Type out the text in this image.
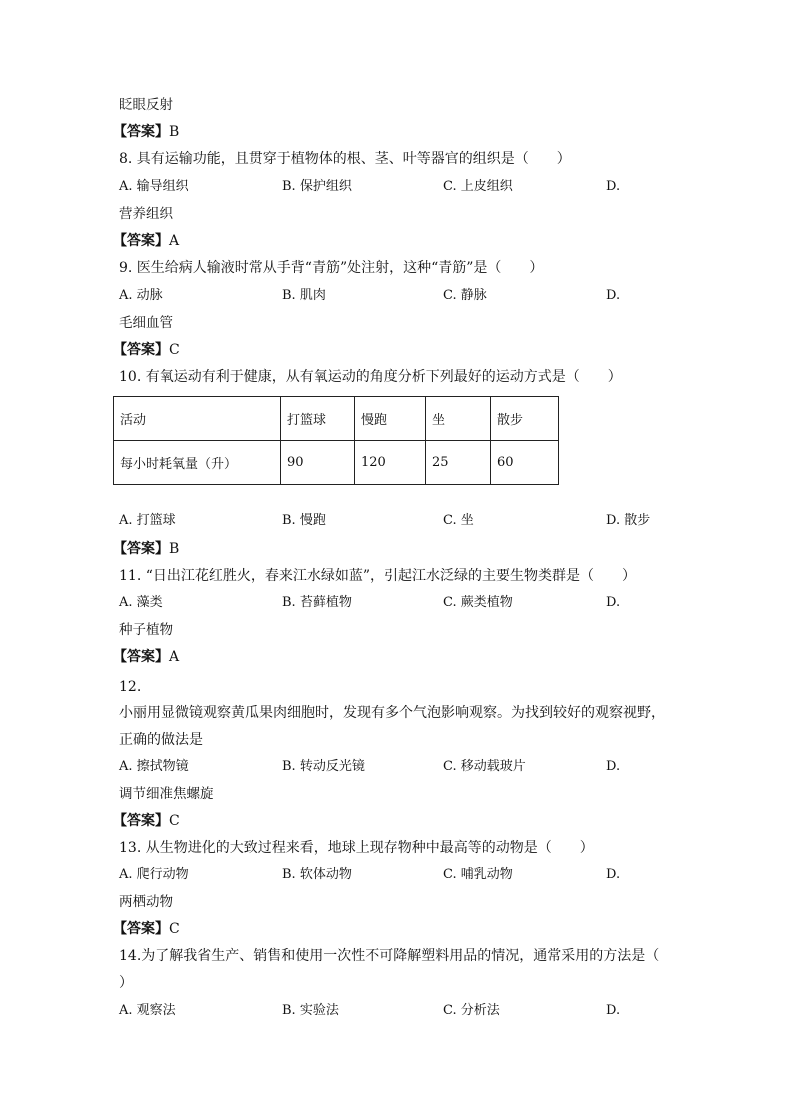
眨眼反射
【答案】B
8. 具有运输功能，且贯穿于植物体的根、茎、叶等器官的组织是（　　）
A. 输导组织	B. 保护组织	C. 上皮组织	D.
营养组织
【答案】A
9. 医生给病人输液时常从手背“青筋”处注射，这种“青筋”是（　　）
A. 动脉	B. 肌肉	C. 静脉	D.
毛细血管
【答案】C
10. 有氧运动有利于健康，从有氧运动的角度分析下列最好的运动方式是（　　）
活动	打篮球	慢跑	坐	散步
每小时耗氧量（升）	90	120	25	60
A. 打篮球	B. 慢跑	C. 坐	D. 散步
【答案】B
11. “日出江花红胜火，春来江水绿如蓝”，引起江水泛绿的主要生物类群是（　　）
A. 藻类	B. 苔藓植物	C. 蕨类植物	D.
种子植物
【答案】A
12.
小丽用显微镜观察黄瓜果肉细胞时，发现有多个气泡影响观察。为找到较好的观察视野，
正确的做法是
A. 擦拭物镜	B. 转动反光镜	C. 移动载玻片	D.
调节细准焦螺旋
【答案】C
13. 从生物进化的大致过程来看，地球上现存物种中最高等的动物是（　　）
A. 爬行动物	B. 软体动物	C. 哺乳动物	D.
两栖动物
【答案】C
14.为了解我省生产、销售和使用一次性不可降解塑料用品的情况，通常采用的方法是（
）
A. 观察法	B. 实验法	C. 分析法	D.
